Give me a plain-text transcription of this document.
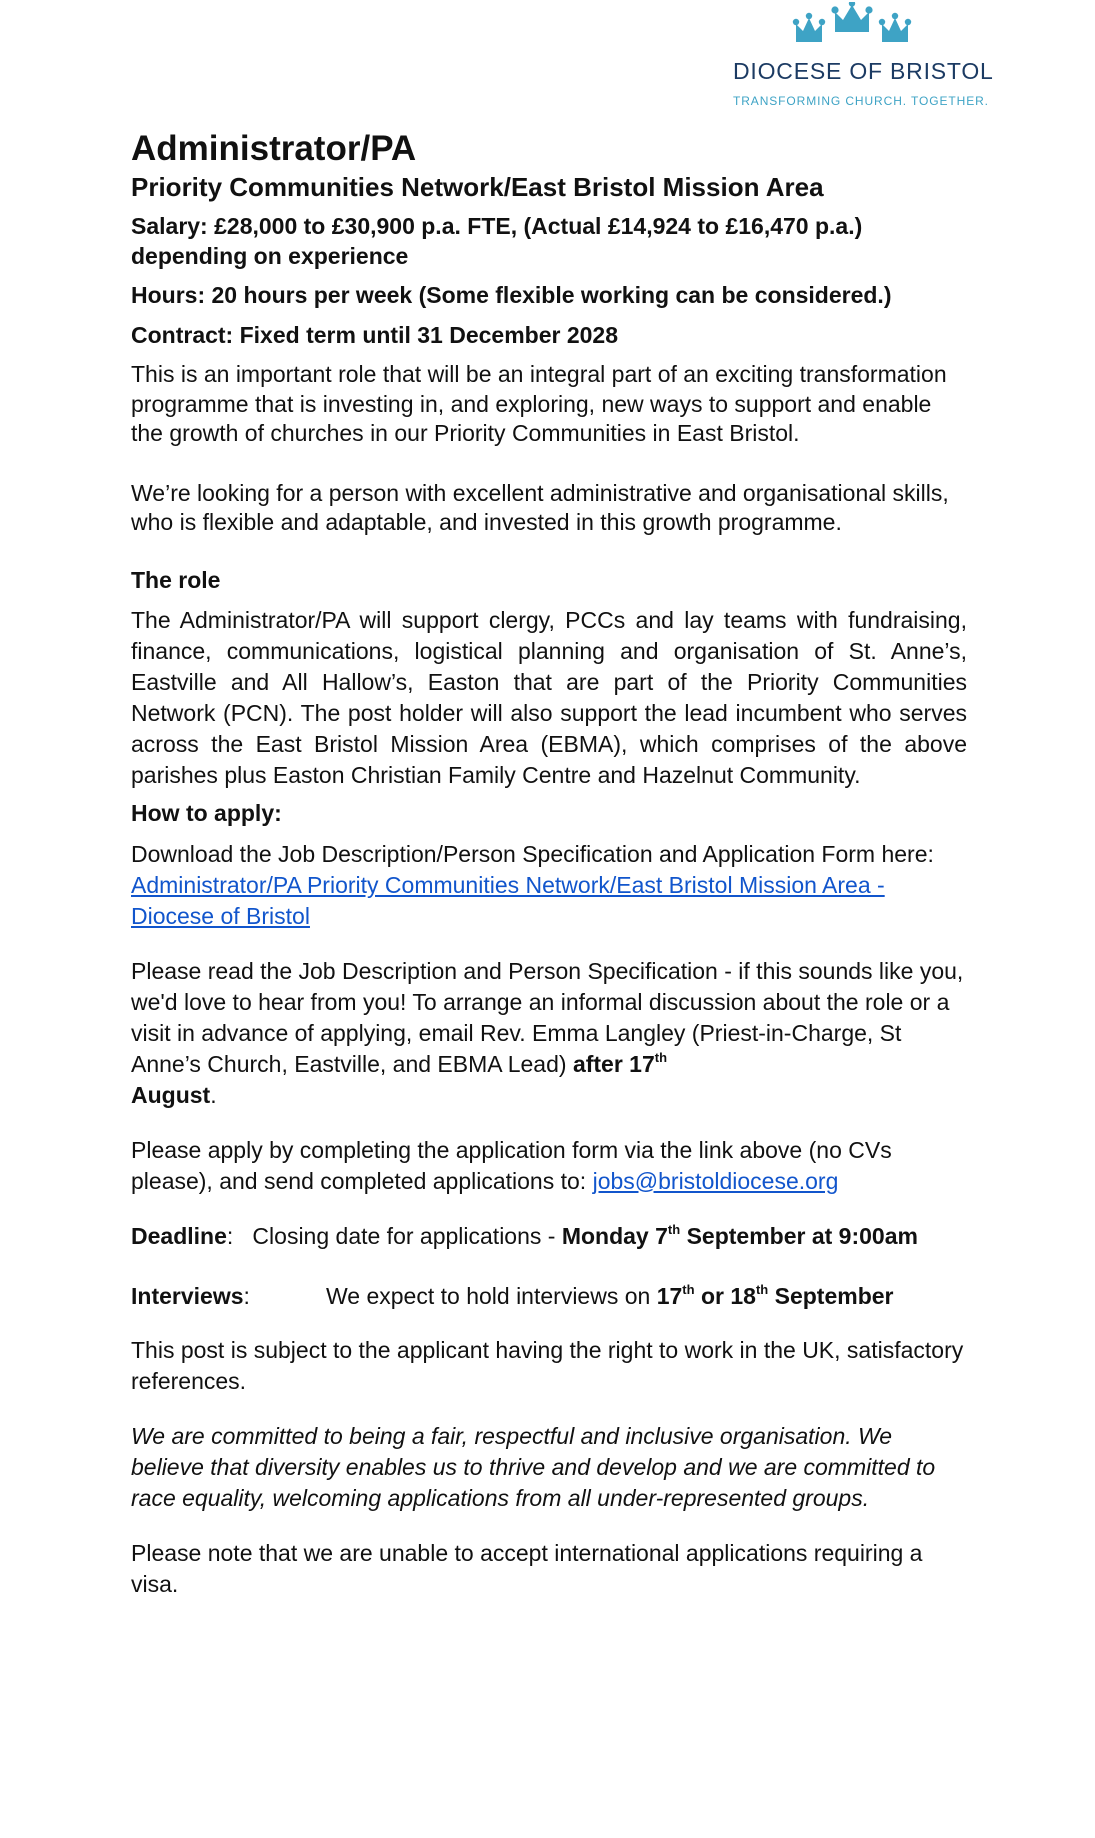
DIOCESE OF BRISTOL
TRANSFORMING CHURCH. TOGETHER.
Administrator/PA
Priority Communities Network/East Bristol Mission Area

Salary: £28,000 to £30,900 p.a. FTE, (Actual £14,924 to £16,470 p.a.) depending on experience

Hours: 20 hours per week (Some flexible working can be considered.)

Contract: Fixed term until 31 December 2028

This is an important role that will be an integral part of an exciting transformation programme that is investing in, and exploring, new ways to support and enable the growth of churches in our Priority Communities in East Bristol.

We’re looking for a person with excellent administrative and organisational skills, who is flexible and adaptable, and invested in this growth programme.

The role

The Administrator/PA will support clergy, PCCs and lay teams with fundraising, finance, communications, logistical planning and organisation of St. Anne’s, Eastville and All Hallow’s, Easton that are part of the Priority Communities Network (PCN). The post holder will also support the lead incumbent who serves across the East Bristol Mission Area (EBMA), which comprises of the above parishes plus Easton Christian Family Centre and Hazelnut Community.

How to apply:

Download the Job Description/Person Specification and Application Form here: Administrator/PA Priority Communities Network/East Bristol Mission Area - Diocese of Bristol

Please read the Job Description and Person Specification - if this sounds like you, we'd love to hear from you! To arrange an informal discussion about the role or a visit in advance of applying, email Rev. Emma Langley (Priest-in-Charge, St Anne’s Church, Eastville, and EBMA Lead) after 17th
August.

Please apply by completing the application form via the link above (no CVs please), and send completed applications to: jobs@bristoldiocese.org

Deadline:   Closing date for applications - Monday 7th September at 9:00am

Interviews:	We expect to hold interviews on 17th or 18th September

This post is subject to the applicant having the right to work in the UK, satisfactory references.

We are committed to being a fair, respectful and inclusive organisation. We believe that diversity enables us to thrive and develop and we are committed to race equality, welcoming applications from all under-represented groups.

Please note that we are unable to accept international applications requiring a visa.
